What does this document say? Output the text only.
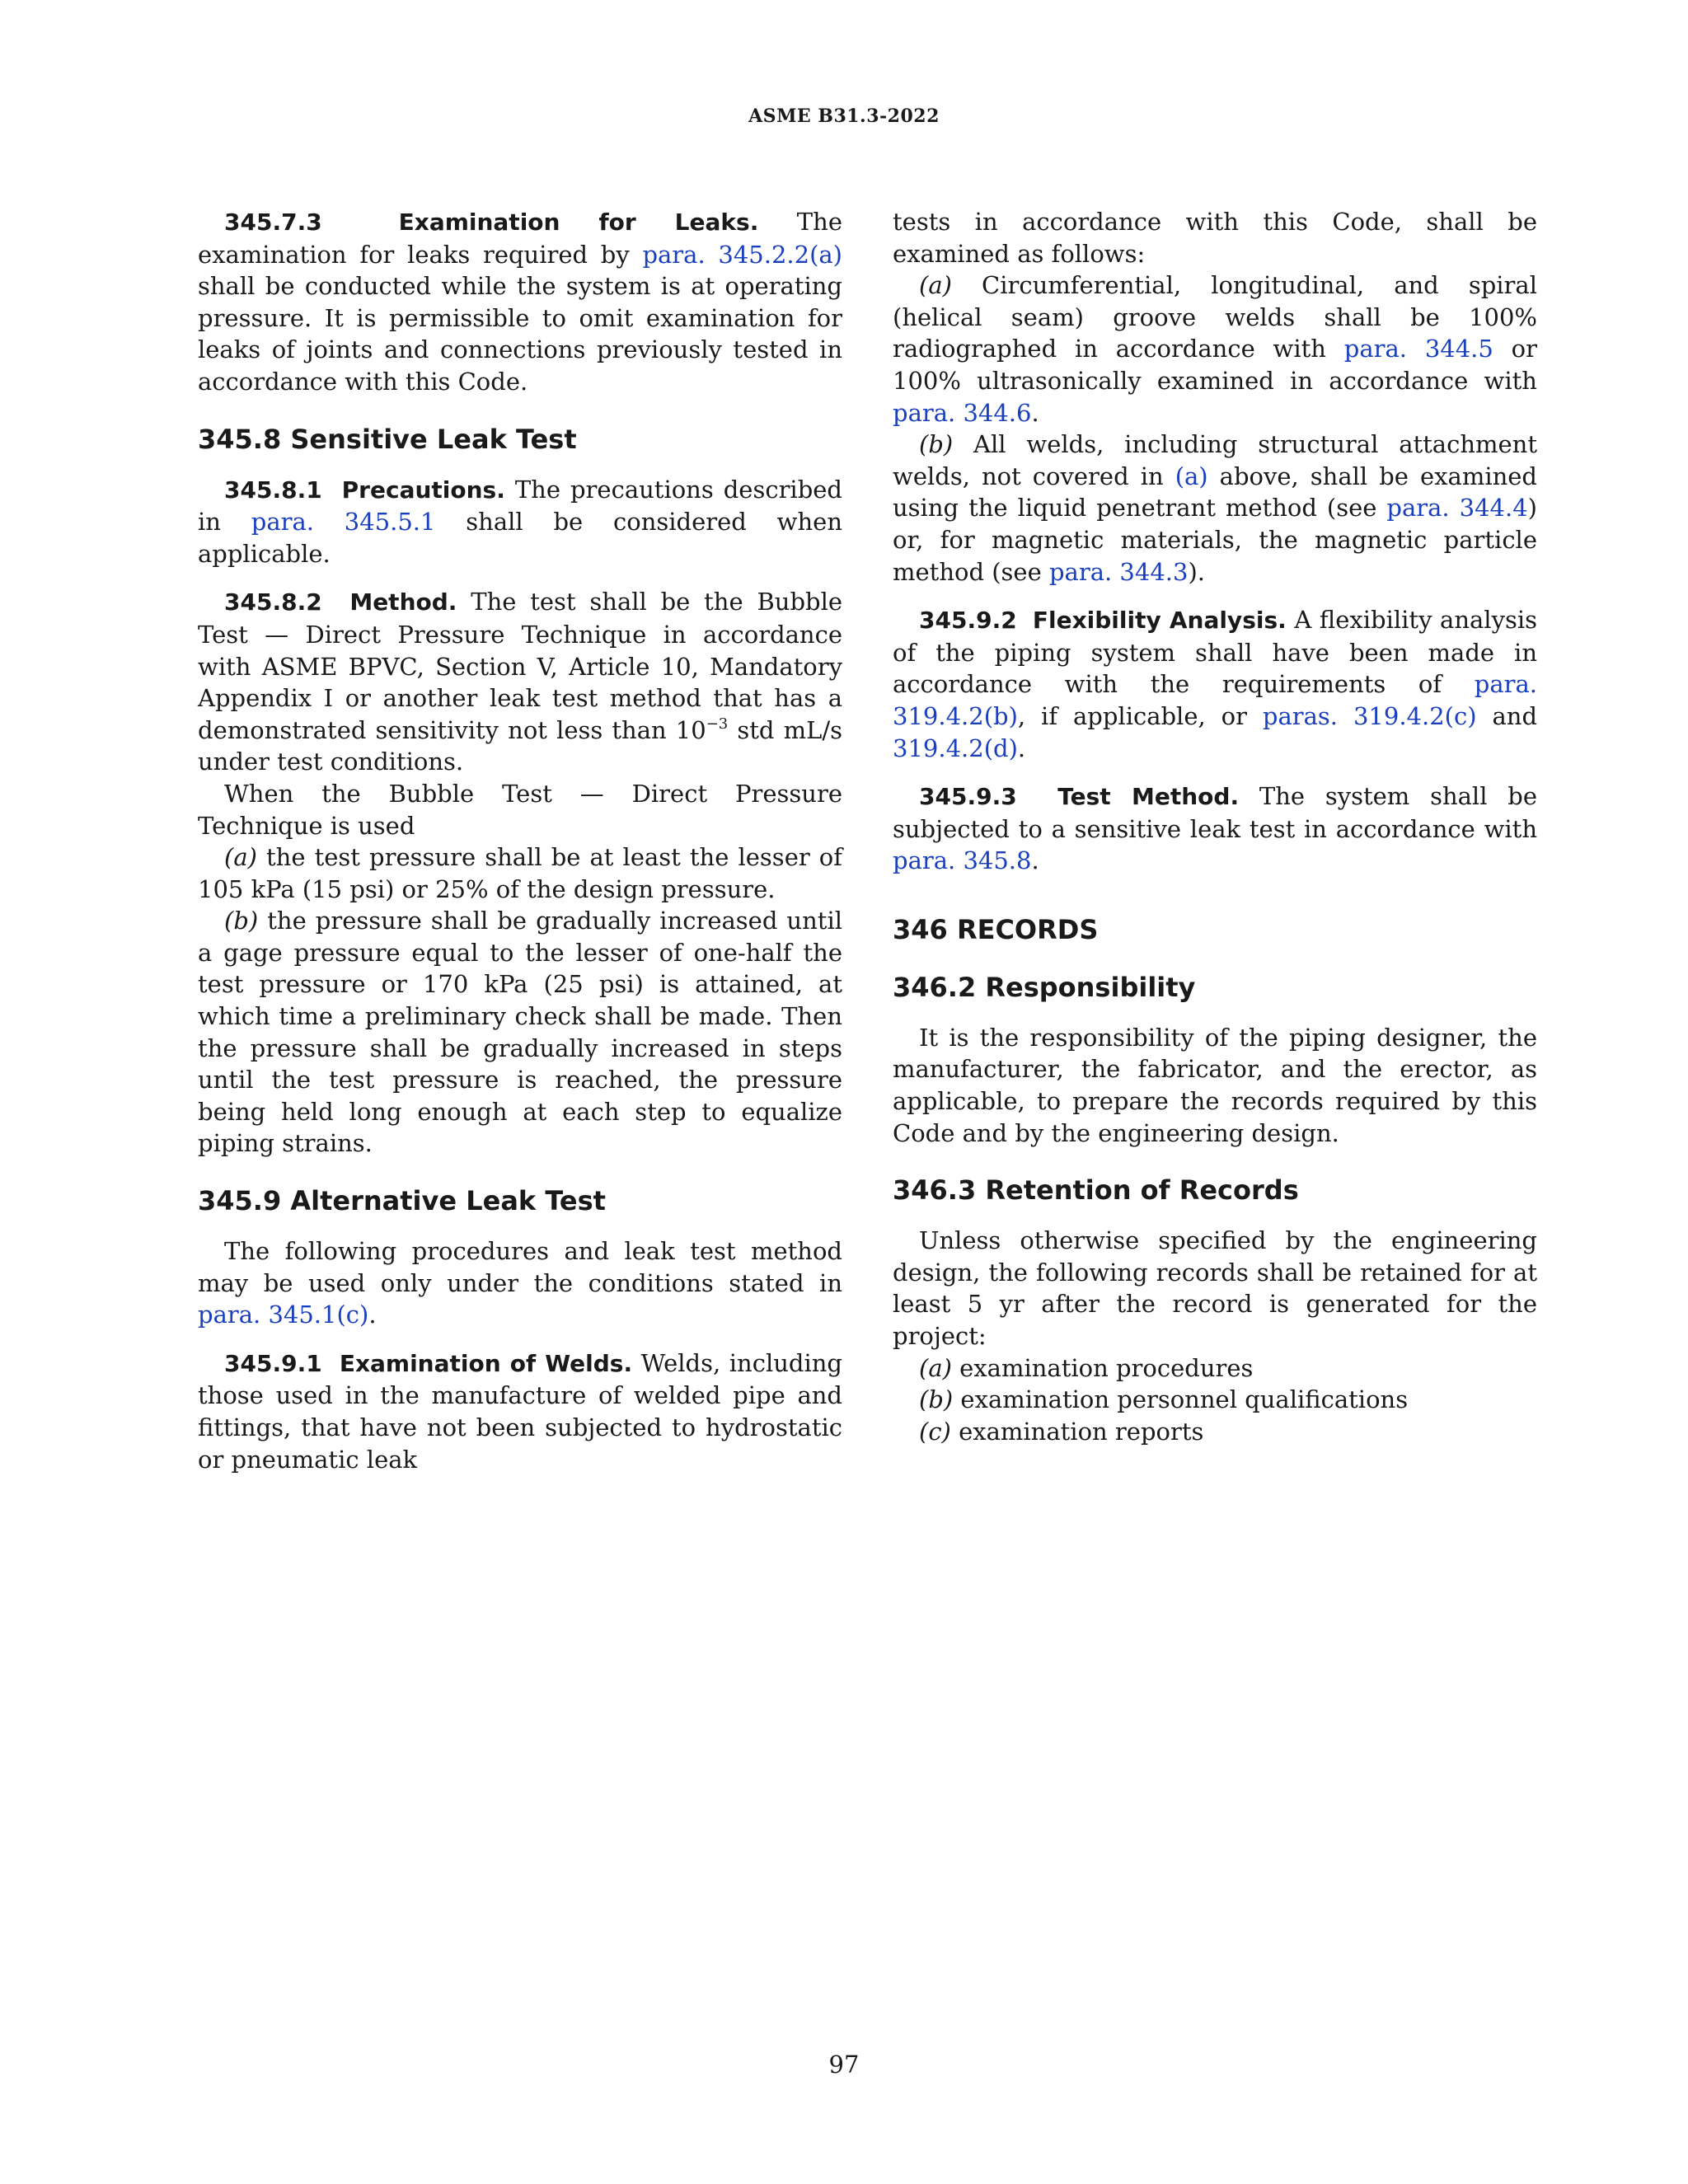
ASME B31.3-2022

345.7.3	Examination for Leaks. The examination for leaks required by para. 345.2.2(a) shall be conducted while the system is at operating pressure. It is permissible to omit examination for leaks of joints and connections previously tested in accordance with this Code.

345.8 Sensitive Leak Test

345.8.1 Precautions. The precautions described in para. 345.5.1 shall be considered when applicable.

345.8.2 Method. The test shall be the Bubble Test — Direct Pressure Technique in accordance with ASME BPVC, Section V, Article 10, Mandatory Appendix I or another leak test method that has a demonstrated sensitivity not less than $10^{-3}$ std mL/s under test conditions.

When the Bubble Test — Direct Pressure Technique is used

(a) the test pressure shall be at least the lesser of 105 kPa (15 psi) or 25% of the design pressure.

(b) the pressure shall be gradually increased until a gage pressure equal to the lesser of one-half the test pressure or 170 kPa (25 psi) is attained, at which time a preliminary check shall be made. Then the pressure shall be gradually increased in steps until the test pressure is reached, the pressure being held long enough at each step to equalize piping strains.

345.9 Alternative Leak Test

The following procedures and leak test method may be used only under the conditions stated in para. 345.1(c).

345.9.1 Examination of Welds. Welds, including those used in the manufacture of welded pipe and fittings, that have not been subjected to hydrostatic or pneumatic leak

tests in accordance with this Code, shall be examined as follows:

(a) Circumferential, longitudinal, and spiral (helical seam) groove welds shall be 100% radiographed in accordance with para. 344.5 or 100% ultrasonically examined in accordance with para. 344.6.

(b) All welds, including structural attachment welds, not covered in (a) above, shall be examined using the liquid penetrant method (see para. 344.4) or, for magnetic materials, the magnetic particle method (see para. 344.3).

345.9.2 Flexibility Analysis. A flexibility analysis of the piping system shall have been made in accordance with the requirements of para. 319.4.2(b), if applicable, or paras. 319.4.2(c) and 319.4.2(d).

345.9.3 Test Method. The system shall be subjected to a sensitive leak test in accordance with para. 345.8.

346 RECORDS
346.2 Responsibility

It is the responsibility of the piping designer, the manufacturer, the fabricator, and the erector, as applicable, to prepare the records required by this Code and by the engineering design.

346.3 Retention of Records

Unless otherwise specified by the engineering design, the following records shall be retained for at least 5 yr after the record is generated for the project:

(a) examination procedures

(b) examination personnel qualifications

(c) examination reports

97
